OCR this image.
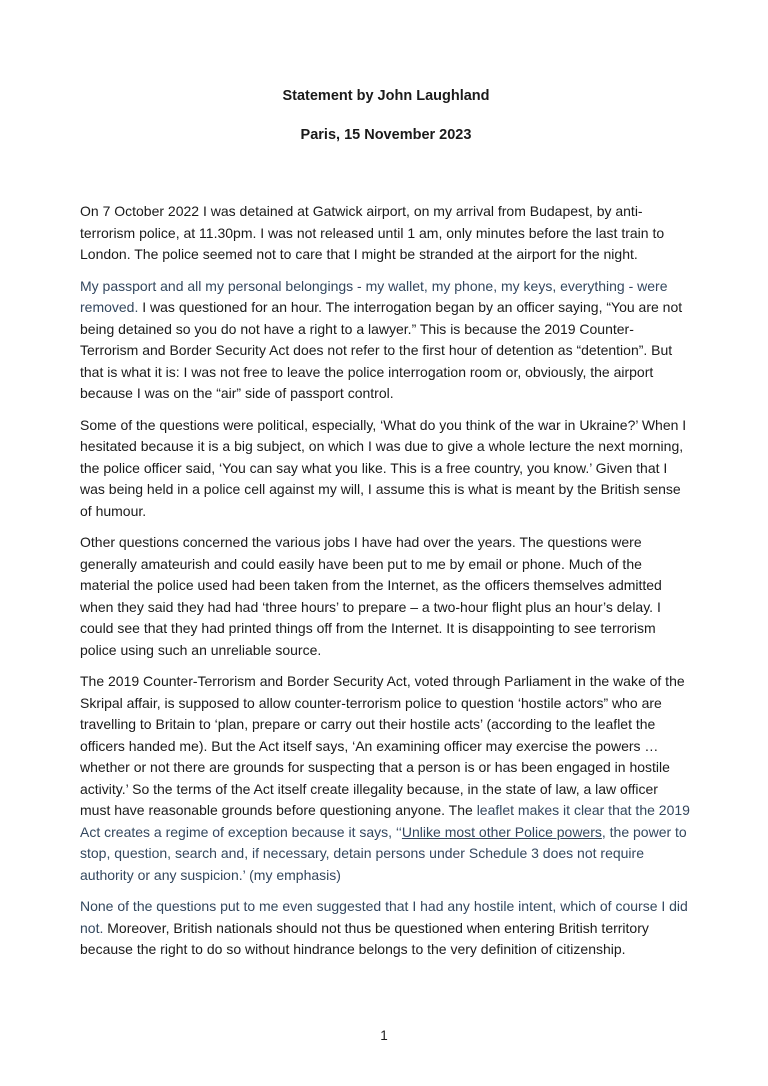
Statement by John Laughland

Paris, 15 November 2023

On 7 October 2022 I was detained at Gatwick airport, on my arrival from Budapest, by anti-terrorism police, at 11.30pm. I was not released until 1 am, only minutes before the last train to London. The police seemed not to care that I might be stranded at the airport for the night.

My passport and all my personal belongings - my wallet, my phone, my keys, everything - were removed. I was questioned for an hour. The interrogation began by an officer saying, “You are not being detained so you do not have a right to a lawyer.” This is because the 2019 Counter-Terrorism and Border Security Act does not refer to the first hour of detention as “detention”. But that is what it is: I was not free to leave the police interrogation room or, obviously, the airport because I was on the “air” side of passport control.

Some of the questions were political, especially, ‘What do you think of the war in Ukraine?’ When I hesitated because it is a big subject, on which I was due to give a whole lecture the next morning, the police officer said, ‘You can say what you like. This is a free country, you know.’ Given that I was being held in a police cell against my will, I assume this is what is meant by the British sense of humour.

Other questions concerned the various jobs I have had over the years. The questions were generally amateurish and could easily have been put to me by email or phone. Much of the material the police used had been taken from the Internet, as the officers themselves admitted when they said they had had ‘three hours’ to prepare – a two-hour flight plus an hour’s delay. I could see that they had printed things off from the Internet. It is disappointing to see terrorism police using such an unreliable source.

The 2019 Counter-Terrorism and Border Security Act, voted through Parliament in the wake of the Skripal affair, is supposed to allow counter-terrorism police to question ‘hostile actors” who are travelling to Britain to ‘plan, prepare or carry out their hostile acts’ (according to the leaflet the officers handed me). But the Act itself says, ‘An examining officer may exercise the powers … whether or not there are grounds for suspecting that a person is or has been engaged in hostile activity.’ So the terms of the Act itself create illegality because, in the state of law, a law officer must have reasonable grounds before questioning anyone. The leaflet makes it clear that the 2019 Act creates a regime of exception because it says, ‘‘Unlike most other Police powers, the power to stop, question, search and, if necessary, detain persons under Schedule 3 does not require authority or any suspicion.’ (my emphasis)

None of the questions put to me even suggested that I had any hostile intent, which of course I did not. Moreover, British nationals should not thus be questioned when entering British territory because the right to do so without hindrance belongs to the very definition of citizenship.

1
